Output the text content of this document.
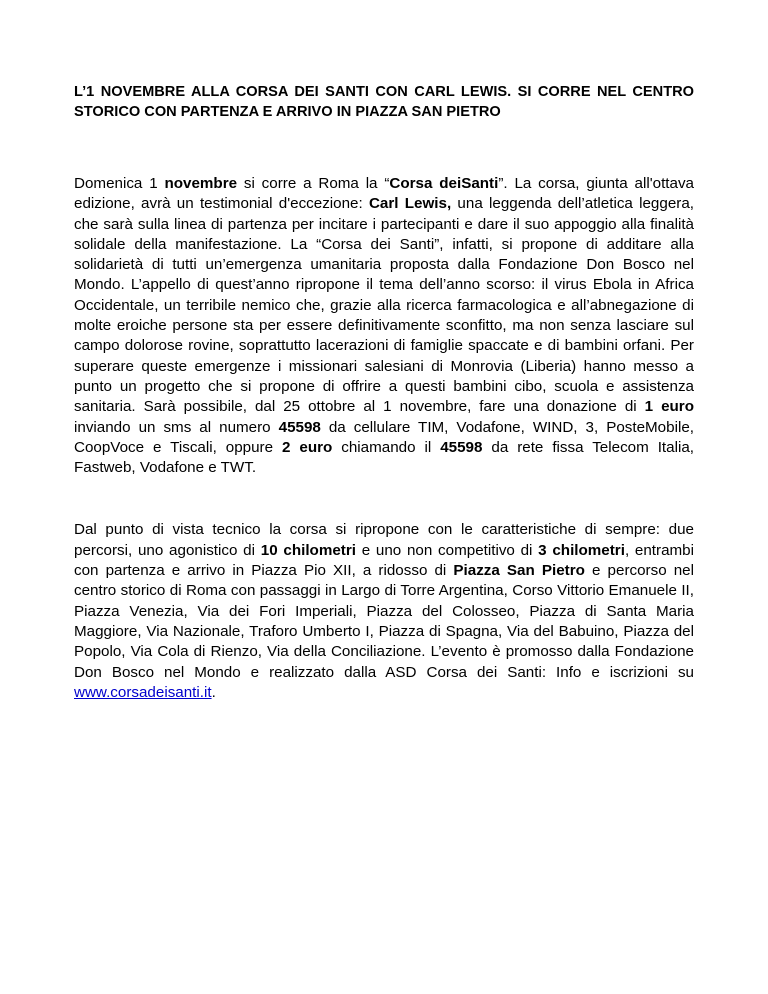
L’1 NOVEMBRE ALLA CORSA DEI SANTI CON CARL LEWIS. SI CORRE NEL CENTRO STORICO CON PARTENZA E ARRIVO IN PIAZZA SAN PIETRO

Domenica 1 novembre si corre a Roma la “Corsa deiSanti”. La corsa, giunta all'ottava edizione, avrà un testimonial d'eccezione: Carl Lewis, una leggenda dell’atletica leggera, che sarà sulla linea di partenza per incitare i partecipanti e dare il suo appoggio alla finalità solidale della manifestazione. La “Corsa dei Santi”, infatti, si propone di additare alla solidarietà di tutti un’emergenza umanitaria proposta dalla Fondazione Don Bosco nel Mondo. L’appello di quest’anno ripropone il tema dell’anno scorso: il virus Ebola in Africa Occidentale, un terribile nemico che, grazie alla ricerca farmacologica e all’abnegazione di molte eroiche persone sta per essere definitivamente sconfitto, ma non senza lasciare sul campo dolorose rovine, soprattutto lacerazioni di famiglie spaccate e di bambini orfani. Per superare queste emergenze i missionari salesiani di Monrovia (Liberia) hanno messo a punto un progetto che si propone di offrire a questi bambini cibo, scuola e assistenza sanitaria. Sarà possibile, dal 25 ottobre al 1 novembre, fare una donazione di 1 euro inviando un sms al numero 45598 da cellulare TIM, Vodafone, WIND, 3, PosteMobile, CoopVoce e Tiscali, oppure 2 euro chiamando il 45598 da rete fissa Telecom Italia, Fastweb, Vodafone e TWT.

Dal punto di vista tecnico la corsa si ripropone con le caratteristiche di sempre: due percorsi, uno agonistico di 10 chilometri e uno non competitivo di 3 chilometri, entrambi con partenza e arrivo in Piazza Pio XII, a ridosso di Piazza San Pietro e percorso nel centro storico di Roma con passaggi in Largo di Torre Argentina, Corso Vittorio Emanuele II, Piazza Venezia, Via dei Fori Imperiali, Piazza del Colosseo, Piazza di Santa Maria Maggiore, Via Nazionale, Traforo Umberto I, Piazza di Spagna, Via del Babuino, Piazza del Popolo, Via Cola di Rienzo, Via della Conciliazione. L’evento è promosso dalla Fondazione Don Bosco nel Mondo e realizzato dalla ASD Corsa dei Santi: Info e iscrizioni su www.corsadeisanti.it.
